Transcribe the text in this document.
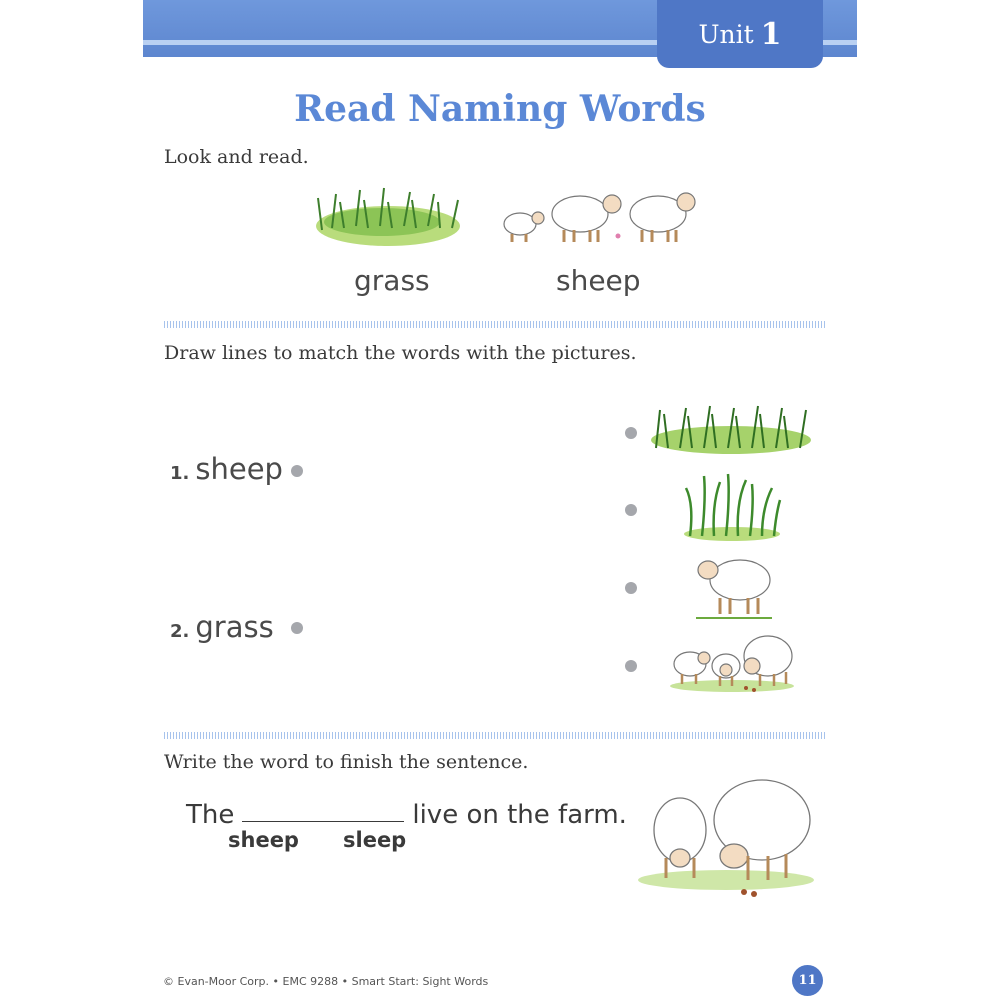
Unit 1
Read Naming Words
Look and read.
grass	sheep
Draw lines to match the words with the pictures.
1. sheep
2. grass
Write the word to finish the sentence.
The	live on the farm.
sheep sleep
© Evan-Moor Corp. • EMC 9288 • Smart Start: Sight Words	11
